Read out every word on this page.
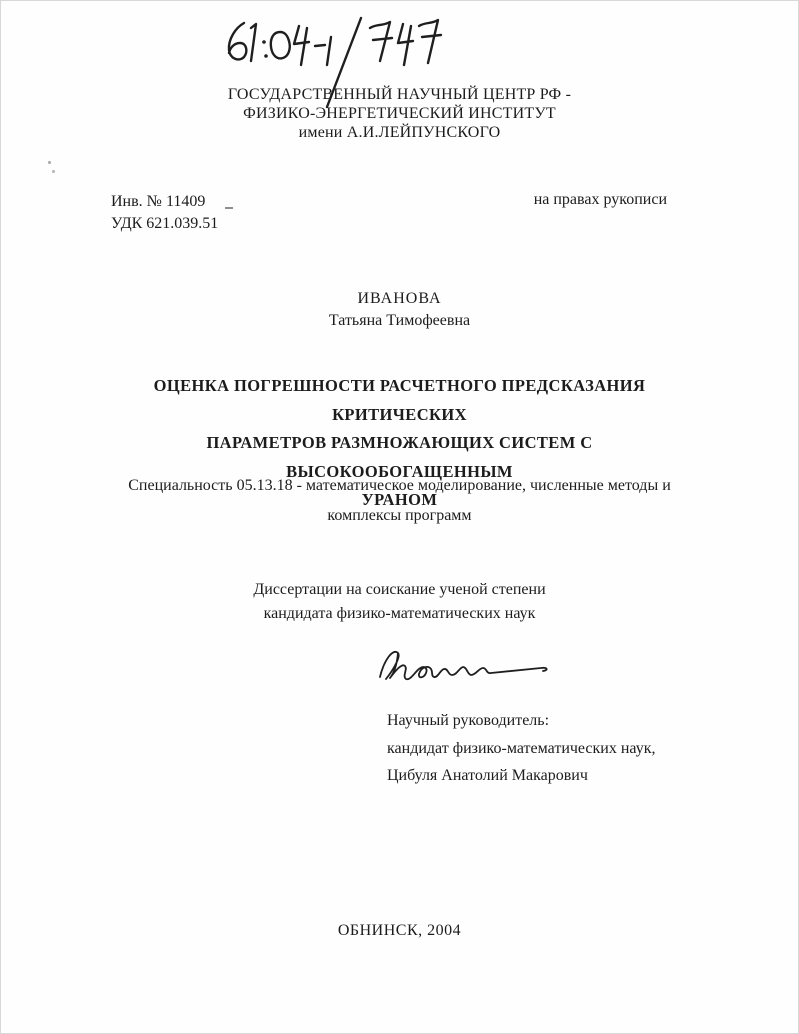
ГОСУДАРСТВЕННЫЙ НАУЧНЫЙ ЦЕНТР РФ -
ФИЗИКО-ЭНЕРГЕТИЧЕСКИЙ ИНСТИТУТ
имени А.И.ЛЕЙПУНСКОГО
Инв. № 11409
УДК 621.039.51
на правах рукописи
ИВАНОВА
Татьяна Тимофеевна
ОЦЕНКА ПОГРЕШНОСТИ РАСЧЕТНОГО ПРЕДСКАЗАНИЯ КРИТИЧЕСКИХ
ПАРАМЕТРОВ РАЗМНОЖАЮЩИХ СИСТЕМ С ВЫСОКООБОГАЩЕННЫМ
УРАНОМ
Специальность 05.13.18 - математическое моделирование, численные методы и
комплексы программ
Диссертации на соискание ученой степени
кандидата физико-математических наук
Научный руководитель:
кандидат физико-математических наук,
Цибуля Анатолий Макарович
ОБНИНСК, 2004
